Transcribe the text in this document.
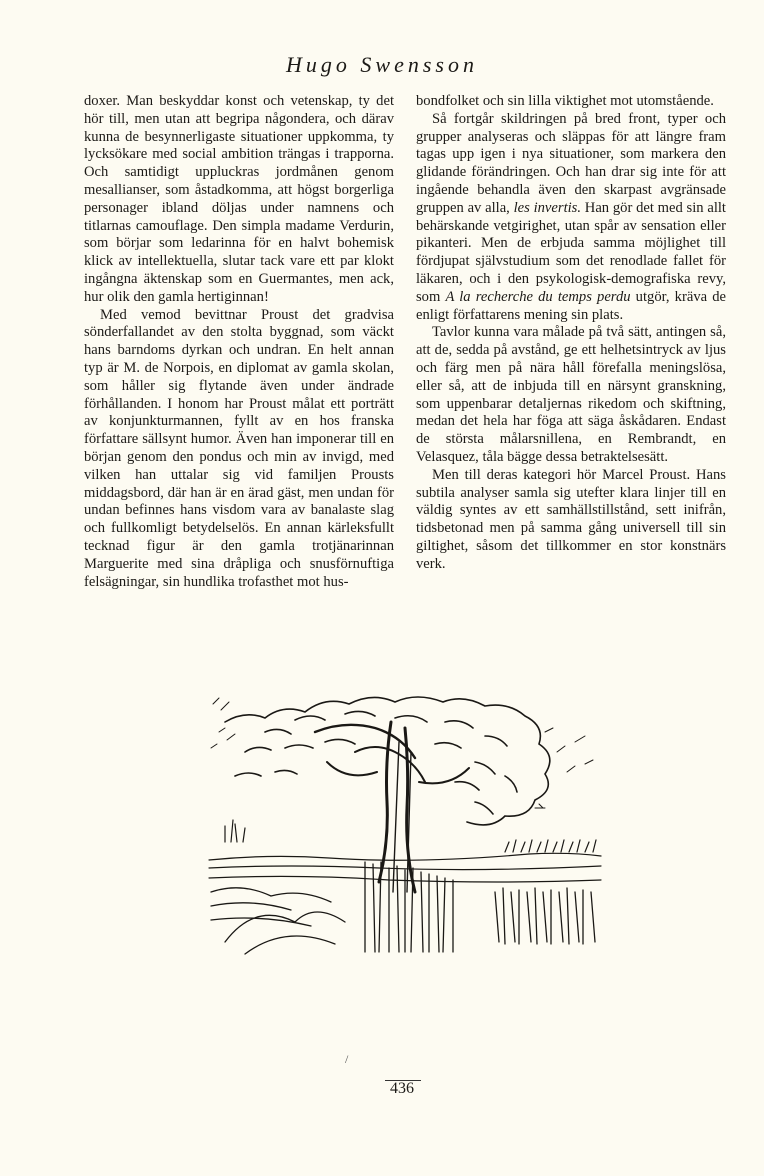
Hugo Swensson

doxer. Man beskyddar konst och vetenskap, ty det hör till, men utan att begripa någondera, och därav kunna de besynnerligaste situationer uppkomma, ty lycksökare med social ambition trängas i trapporna. Och samtidigt uppluckras jordmånen genom mesallianser, som åstadkomma, att högst borgerliga personager ibland döljas under namnens och titlarnas camouflage. Den simpla madame Verdurin, som börjar som ledarinna för en halvt bohemisk klick av intellektuella, slutar tack vare ett par klokt ingångna äktenskap som en Guermantes, men ack, hur olik den gamla hertiginnan!

Med vemod bevittnar Proust det gradvisa sönderfallandet av den stolta byggnad, som väckt hans barndoms dyrkan och undran. En helt annan typ är M. de Norpois, en diplomat av gamla skolan, som håller sig flytande även under ändrade förhållanden. I honom har Proust målat ett porträtt av konjunkturmannen, fyllt av en hos franska författare sällsynt humor. Även han imponerar till en början genom den pondus och min av invigd, med vilken han uttalar sig vid familjen Prousts middagsbord, där han är en ärad gäst, men undan för undan befinnes hans visdom vara av banalaste slag och fullkomligt betydelselös. En annan kärleksfullt tecknad figur är den gamla trotjänarinnan Marguerite med sina dråpliga och snusförnuftiga felsägningar, sin hundlika trofasthet mot hus-

bondfolket och sin lilla viktighet mot utomstående.

Så fortgår skildringen på bred front, typer och grupper analyseras och släppas för att längre fram tagas upp igen i nya situationer, som markera den glidande förändringen. Och han drar sig inte för att ingående behandla även den skarpast avgränsade gruppen av alla, les invertis. Han gör det med sin allt behärskande vetgirighet, utan spår av sensation eller pikanteri. Men de erbjuda samma möjlighet till fördjupat självstudium som det renodlade fallet för läkaren, och i den psykologisk-demografiska revy, som A la recherche du temps perdu utgör, kräva de enligt författarens mening sin plats.

Tavlor kunna vara målade på två sätt, antingen så, att de, sedda på avstånd, ge ett helhetsintryck av ljus och färg men på nära håll förefalla meningslösa, eller så, att de inbjuda till en närsynt granskning, som uppenbarar detaljernas rikedom och skiftning, medan det hela har föga att säga åskådaren. Endast de största målarsnillena, en Rembrandt, en Velasquez, tåla bägge dessa betraktelsesätt.

Men till deras kategori hör Marcel Proust. Hans subtila analyser samla sig utefter klara linjer till en väldig syntes av ett samhällstillstånd, sett inifrån, tidsbetonad men på samma gång universell till sin giltighet, såsom det tillkommer en stor konstnärs verk.

/
436
